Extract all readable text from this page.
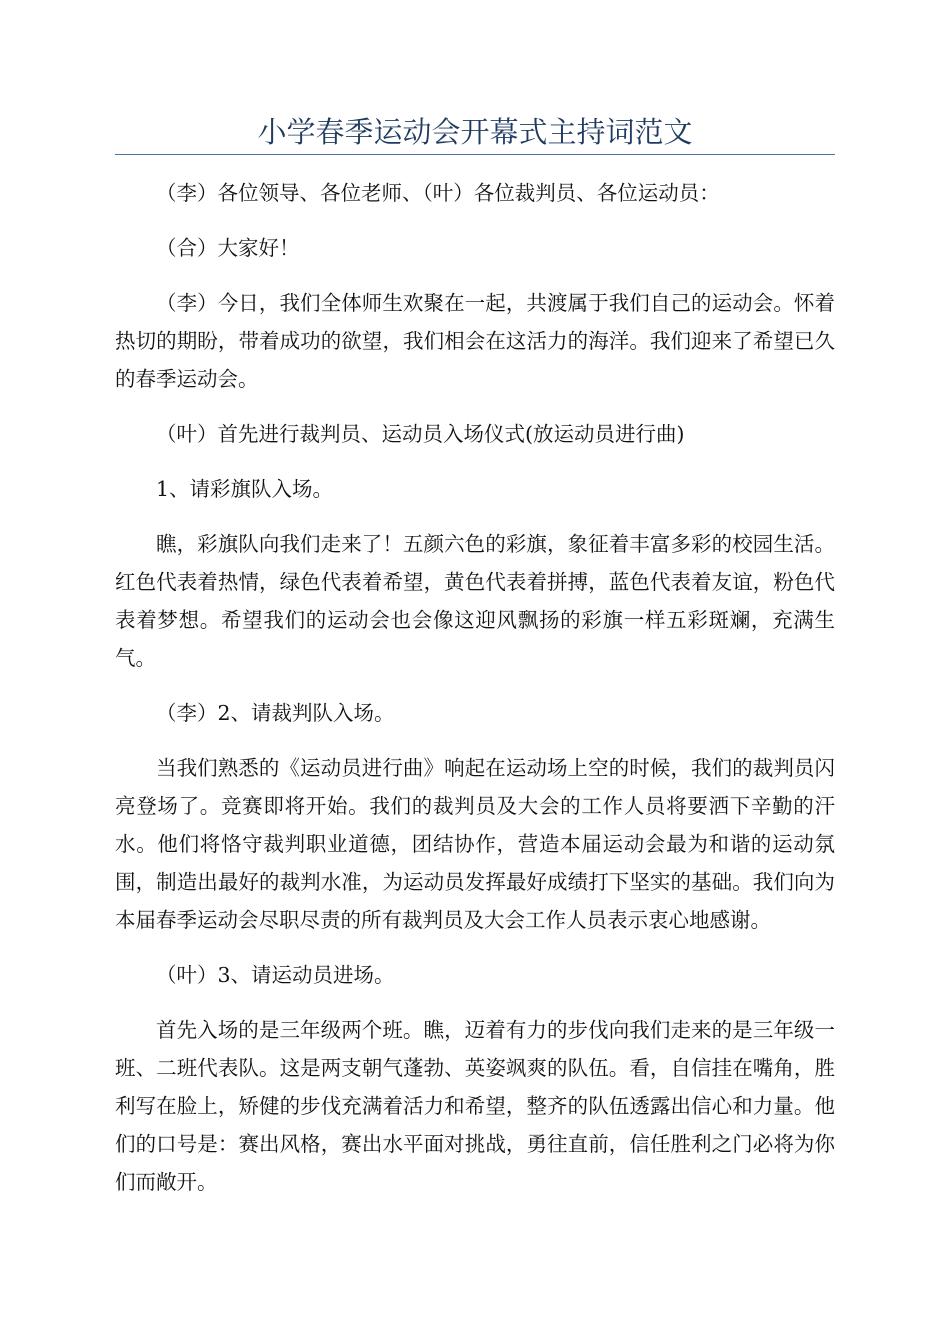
小学春季运动会开幕式主持词范文

（李）各位领导、各位老师、（叶）各位裁判员、各位运动员：

（合）大家好！

（李）今日，我们全体师生欢聚在一起，共渡属于我们自己的运动会。怀着热切的期盼，带着成功的欲望，我们相会在这活力的海洋。我们迎来了希望已久的春季运动会。

（叶）首先进行裁判员、运动员入场仪式(放运动员进行曲)

1、请彩旗队入场。

瞧，彩旗队向我们走来了！五颜六色的彩旗，象征着丰富多彩的校园生活。红色代表着热情，绿色代表着希望，黄色代表着拼搏，蓝色代表着友谊，粉色代表着梦想。希望我们的运动会也会像这迎风飘扬的彩旗一样五彩斑斓，充满生气。

（李）2、请裁判队入场。

当我们熟悉的《运动员进行曲》响起在运动场上空的时候，我们的裁判员闪亮登场了。竞赛即将开始。我们的裁判员及大会的工作人员将要洒下辛勤的汗水。他们将恪守裁判职业道德，团结协作，营造本届运动会最为和谐的运动氛围，制造出最好的裁判水准，为运动员发挥最好成绩打下坚实的基础。我们向为本届春季运动会尽职尽责的所有裁判员及大会工作人员表示衷心地感谢。

（叶）3、请运动员进场。

首先入场的是三年级两个班。瞧，迈着有力的步伐向我们走来的是三年级一班、二班代表队。这是两支朝气蓬勃、英姿飒爽的队伍。看，自信挂在嘴角，胜利写在脸上，矫健的步伐充满着活力和希望，整齐的队伍透露出信心和力量。他们的口号是：赛出风格，赛出水平面对挑战，勇往直前，信任胜利之门必将为你们而敞开。
